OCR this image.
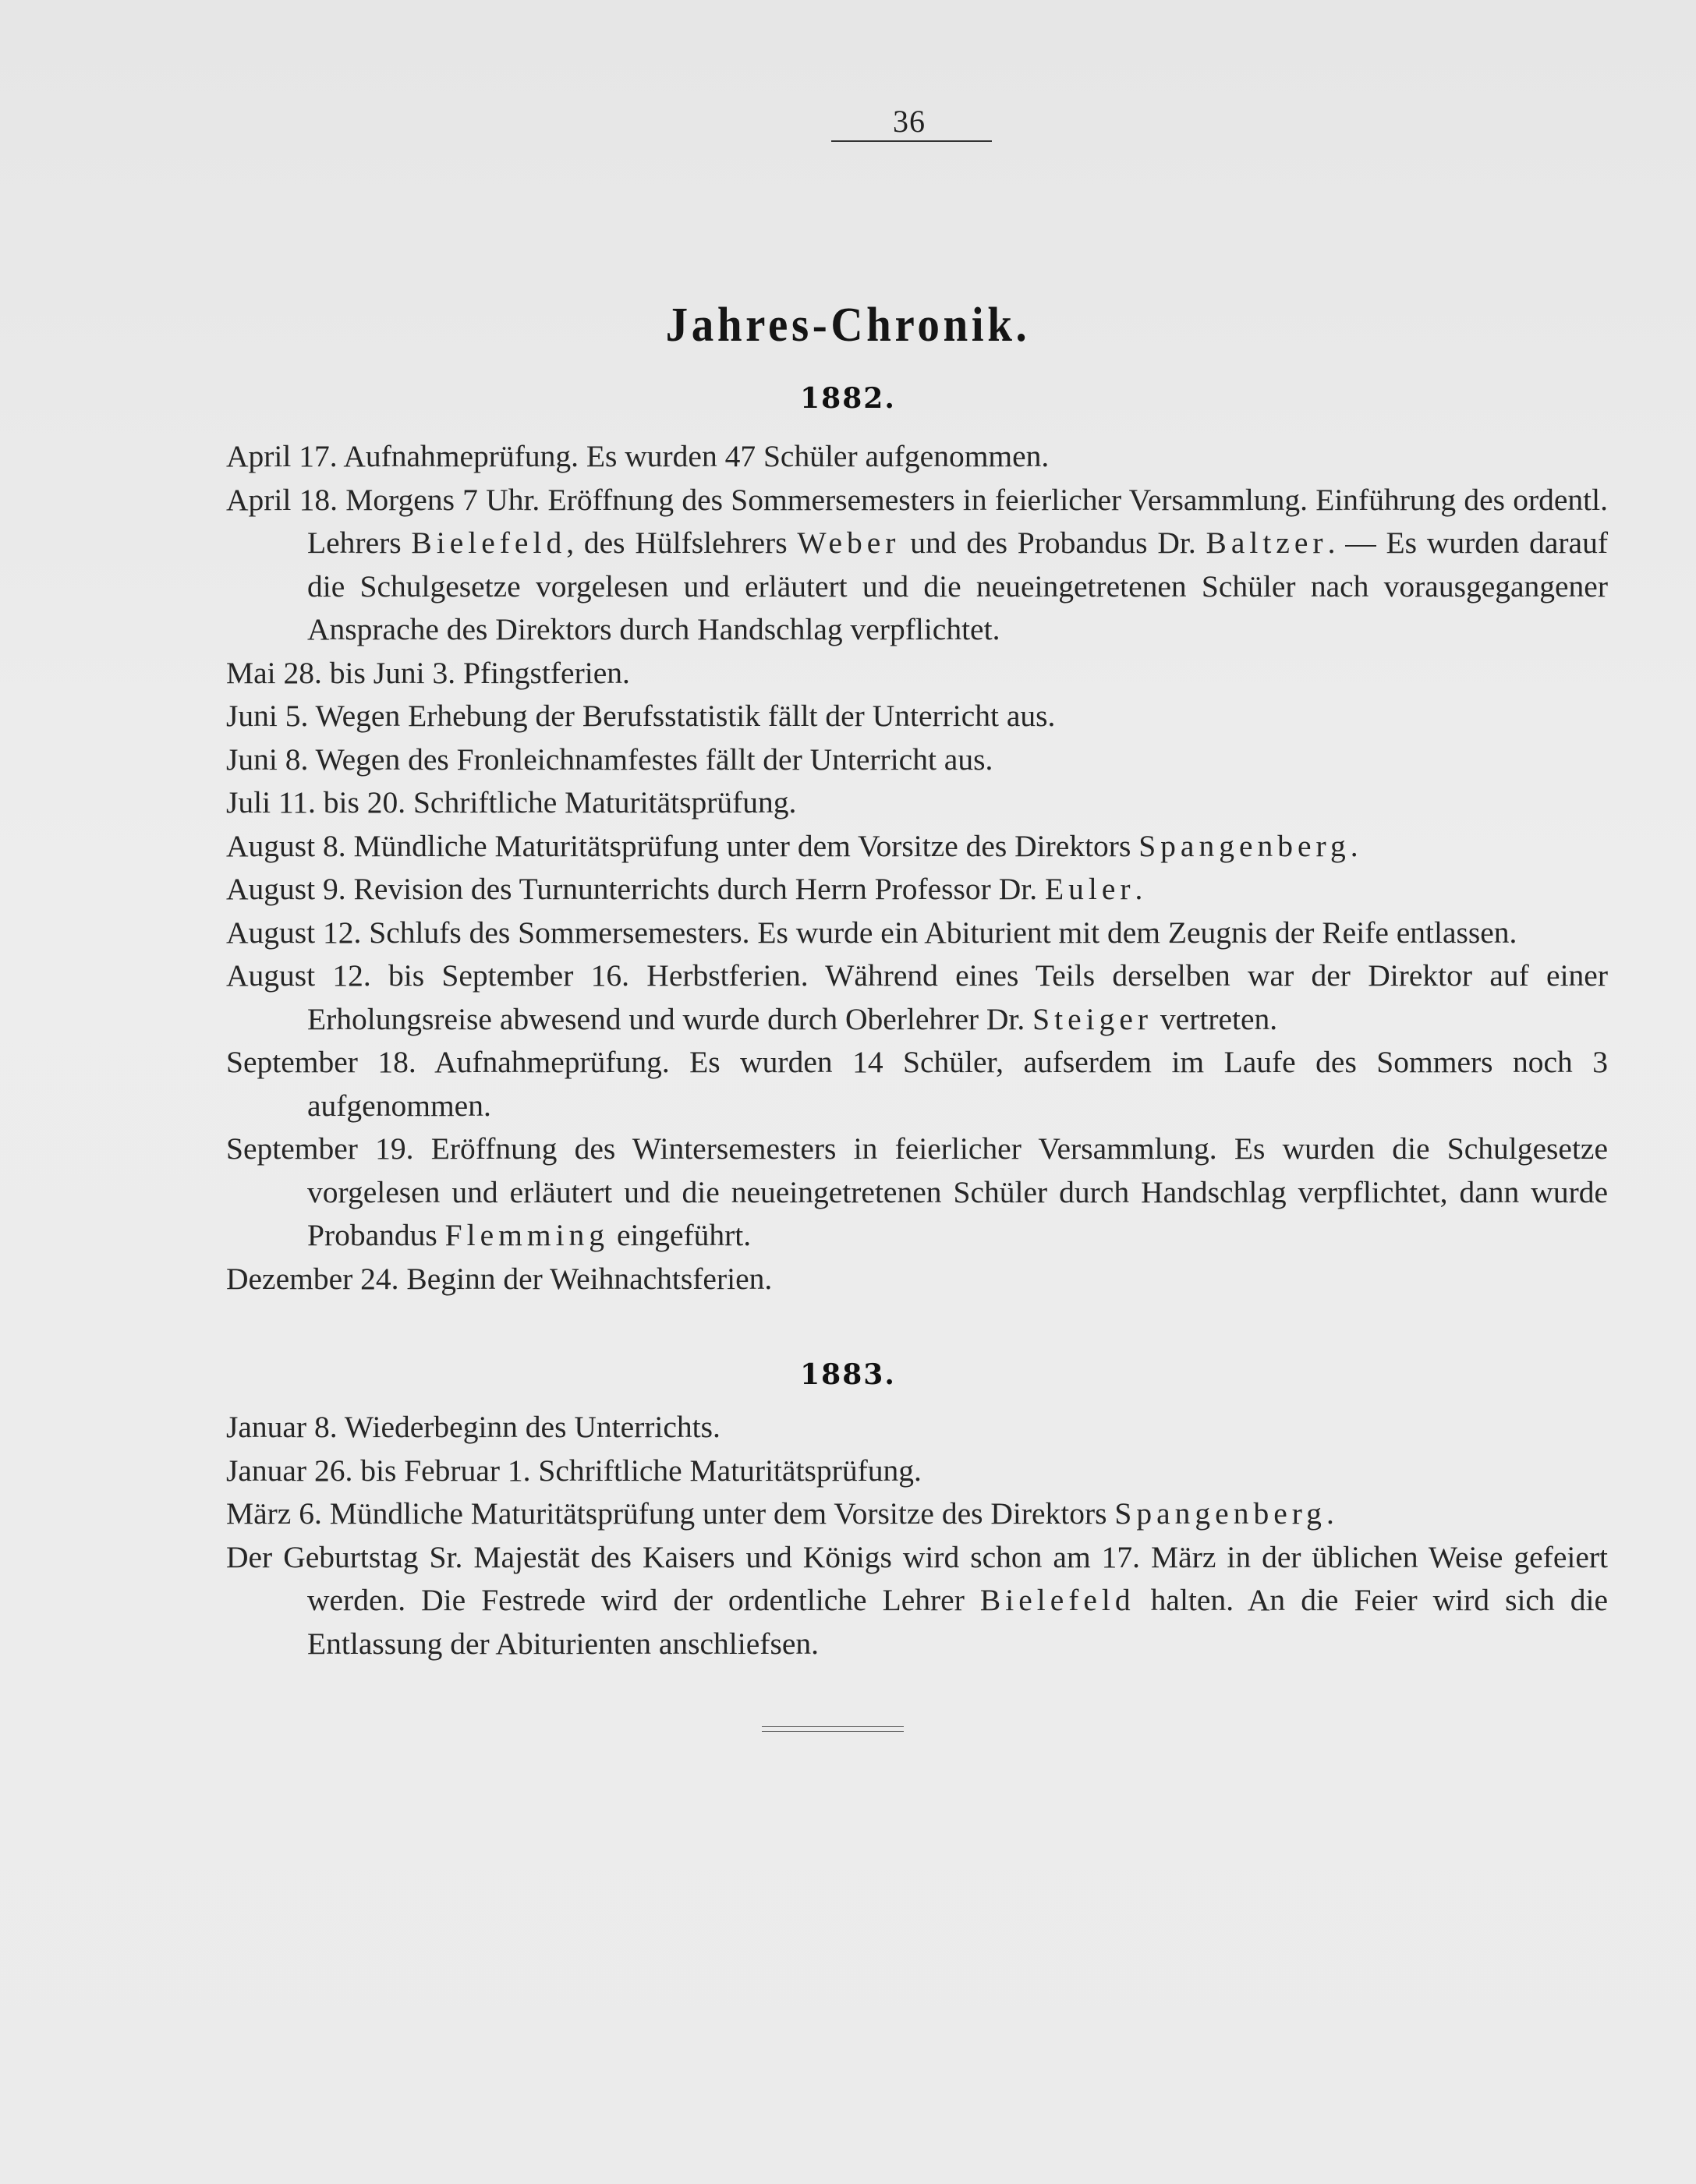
36
Jahres-Chronik.
1882.

April 17. Aufnahmeprüfung. Es wurden 47 Schüler aufgenommen.

April 18. Morgens 7 Uhr. Eröffnung des Sommersemesters in feierlicher Versammlung. Einführung des ordentl. Lehrers Bielefeld, des Hülfslehrers Weber und des Probandus Dr. Baltzer. — Es wurden darauf die Schulgesetze vorgelesen und erläutert und die neueingetretenen Schüler nach vorausgegangener Ansprache des Direktors durch Handschlag verpflichtet.

Mai 28. bis Juni 3. Pfingstferien.

Juni 5. Wegen Erhebung der Berufsstatistik fällt der Unterricht aus.

Juni 8. Wegen des Fronleichnamfestes fällt der Unterricht aus.

Juli 11. bis 20. Schriftliche Maturitätsprüfung.

August 8. Mündliche Maturitätsprüfung unter dem Vorsitze des Direktors Spangenberg.

August 9. Revision des Turnunterrichts durch Herrn Professor Dr. Euler.

August 12. Schlufs des Sommersemesters. Es wurde ein Abiturient mit dem Zeugnis der Reife entlassen.

August 12. bis September 16. Herbstferien. Während eines Teils derselben war der Direktor auf einer Erholungsreise abwesend und wurde durch Oberlehrer Dr. Steiger vertreten.

September 18. Aufnahmeprüfung. Es wurden 14 Schüler, aufserdem im Laufe des Sommers noch 3 aufgenommen.

September 19. Eröffnung des Wintersemesters in feierlicher Versammlung. Es wurden die Schulgesetze vorgelesen und erläutert und die neueingetretenen Schüler durch Handschlag verpflichtet, dann wurde Probandus Flemming eingeführt.

Dezember 24. Beginn der Weihnachtsferien.

1883.

Januar 8. Wiederbeginn des Unterrichts.

Januar 26. bis Februar 1. Schriftliche Maturitätsprüfung.

März 6. Mündliche Maturitätsprüfung unter dem Vorsitze des Direktors Spangenberg.

Der Geburtstag Sr. Majestät des Kaisers und Königs wird schon am 17. März in der üblichen Weise gefeiert werden. Die Festrede wird der ordentliche Lehrer Bielefeld halten. An die Feier wird sich die Entlassung der Abiturienten anschliefsen.
